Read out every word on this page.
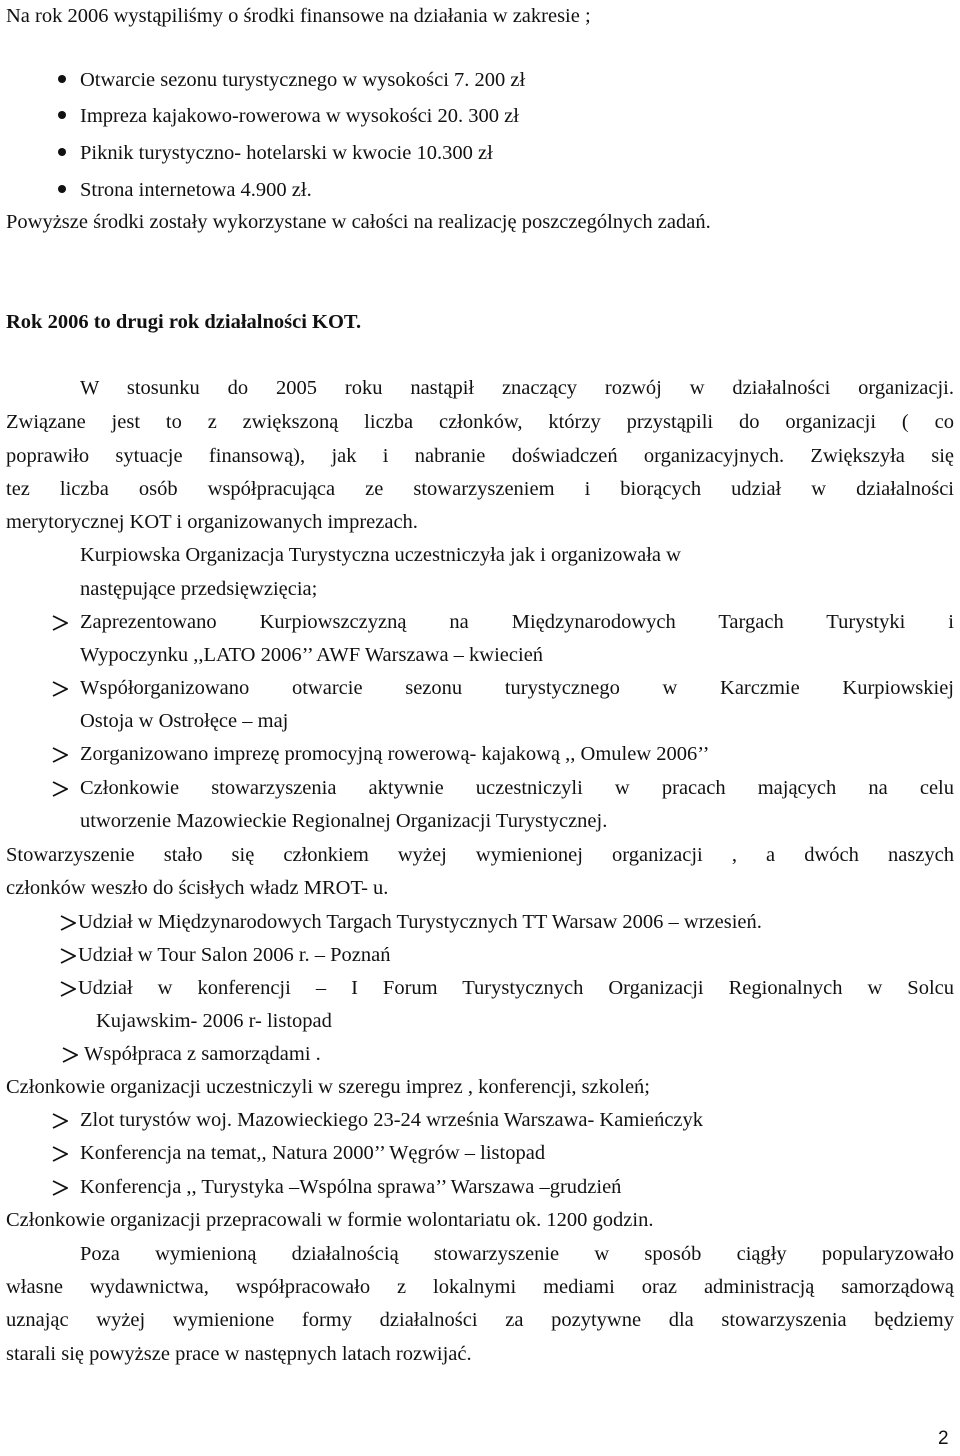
Na rok 2006 wystąpiliśmy o środki finansowe na działania w zakresie ;
Otwarcie sezonu turystycznego w wysokości 7. 200 zł
Impreza kajakowo-rowerowa w wysokości 20. 300 zł
Piknik turystyczno- hotelarski w kwocie 10.300 zł
Strona internetowa 4.900 zł.
Powyższe środki zostały wykorzystane w całości na realizację poszczególnych zadań.
Rok 2006 to drugi rok działalności KOT.
W stosunku do 2005 roku nastąpił znaczący rozwój w działalności organizacji.
Związane jest to z zwiększoną liczba członków, którzy przystąpili do organizacji ( co
poprawiło sytuacje finansową), jak i nabranie doświadczeń organizacyjnych. Zwiększyła się
tez liczba osób współpracująca ze stowarzyszeniem i biorących udział w działalności
merytorycznej KOT i organizowanych imprezach.
Kurpiowska Organizacja Turystyczna uczestniczyła jak i organizowała w
następujące przedsięwzięcia;
Zaprezentowano Kurpiowszczyzną na Międzynarodowych Targach Turystyki i
Wypoczynku ,,LATO 2006’’ AWF Warszawa – kwiecień
Współorganizowano otwarcie sezonu turystycznego w Karczmie Kurpiowskiej
Ostoja w Ostrołęce – maj
Zorganizowano imprezę promocyjną rowerową- kajakową ,, Omulew 2006’’
Członkowie stowarzyszenia aktywnie uczestniczyli w pracach mających na celu
utworzenie Mazowieckie Regionalnej Organizacji Turystycznej.
Stowarzyszenie stało się członkiem wyżej wymienionej organizacji , a dwóch naszych
członków weszło do ścisłych władz MROT- u.
Udział w Międzynarodowych Targach Turystycznych TT Warsaw 2006 – wrzesień.
Udział w Tour Salon 2006 r. – Poznań
Udział w konferencji – I Forum Turystycznych Organizacji Regionalnych w Solcu
Kujawskim- 2006 r- listopad
Współpraca z samorządami .
Członkowie organizacji uczestniczyli w szeregu imprez , konferencji, szkoleń;
Zlot turystów woj. Mazowieckiego 23-24 września Warszawa- Kamieńczyk
Konferencja na temat,, Natura 2000’’ Węgrów – listopad
Konferencja ,, Turystyka –Wspólna sprawa’’ Warszawa –grudzień
Członkowie organizacji przepracowali w formie wolontariatu ok. 1200 godzin.
Poza wymienioną działalnością stowarzyszenie w sposób ciągły popularyzowało
własne wydawnictwa, współpracowało z lokalnymi mediami oraz administracją samorządową
uznając wyżej wymienione formy działalności za pozytywne dla stowarzyszenia będziemy
starali się powyższe prace w następnych latach rozwijać.
2
